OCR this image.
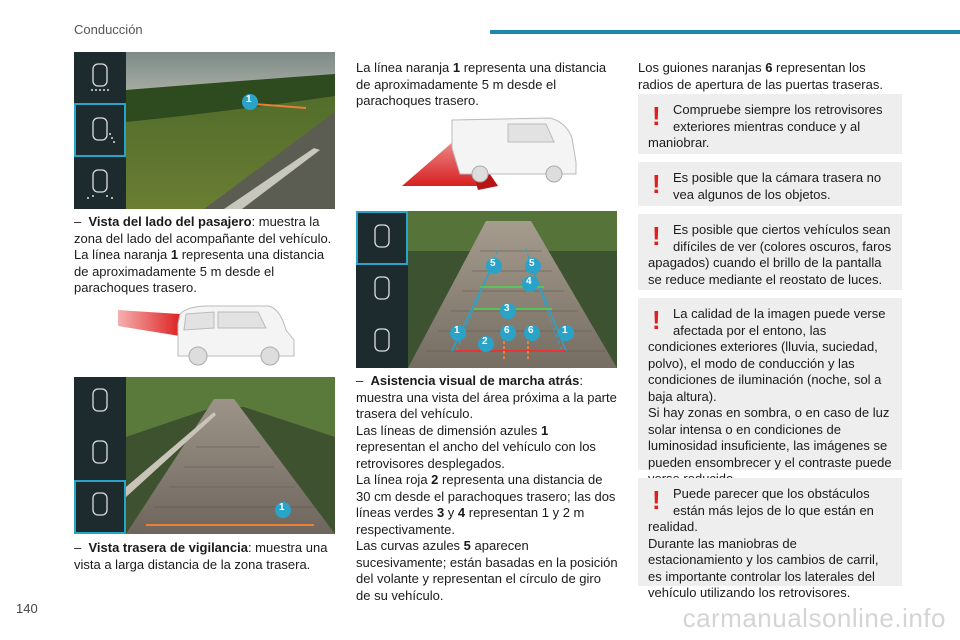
Conducción
1

– Vista del lado del pasajero: muestra la zona del lado del acompañante del vehículo.

La línea naranja 1 representa una distancia de aproximadamente 5 m desde el parachoques trasero.

1

– Vista trasera de vigilancia: muestra una vista a larga distancia de la zona trasera.

La línea naranja 1 representa una distancia de aproximadamente 5 m desde el parachoques trasero.

5	5
4
3
1	6 6	1
2

– Asistencia visual de marcha atrás: muestra una vista del área próxima a la parte trasera del vehículo.

Las líneas de dimensión azules 1 representan el ancho del vehículo con los retrovisores desplegados.

La línea roja 2 representa una distancia de 30 cm desde el parachoques trasero; las dos líneas verdes 3 y 4 representan 1 y 2 m respectivamente.

Las curvas azules 5 aparecen sucesivamente; están basadas en la posición del volante y representan el círculo de giro de su vehículo.

Los guiones naranjas 6 representan los radios de apertura de las puertas traseras.

! Compruebe siempre los retrovisores exteriores mientras conduce y al maniobrar.

! Es posible que la cámara trasera no vea algunos de los objetos.

! Es posible que ciertos vehículos sean difíciles de ver (colores oscuros, faros apagados) cuando el brillo de la pantalla se reduce mediante el reostato de luces.

! La calidad de la imagen puede verse afectada por el entono, las condiciones exteriores (lluvia, suciedad, polvo), el modo de conducción y las condiciones de iluminación (noche, sol a baja altura).

Si hay zonas en sombra, o en caso de luz solar intensa o en condiciones de luminosidad insuficiente, las imágenes se pueden ensombrecer y el contraste puede

! Puede parecer que los obstáculos están más lejos de lo que están en realidad.

Durante las maniobras de estacionamiento y los cambios de carril, es importante controlar los laterales del vehículo utilizando los retrovisores.

140	carmanualsonline.info
